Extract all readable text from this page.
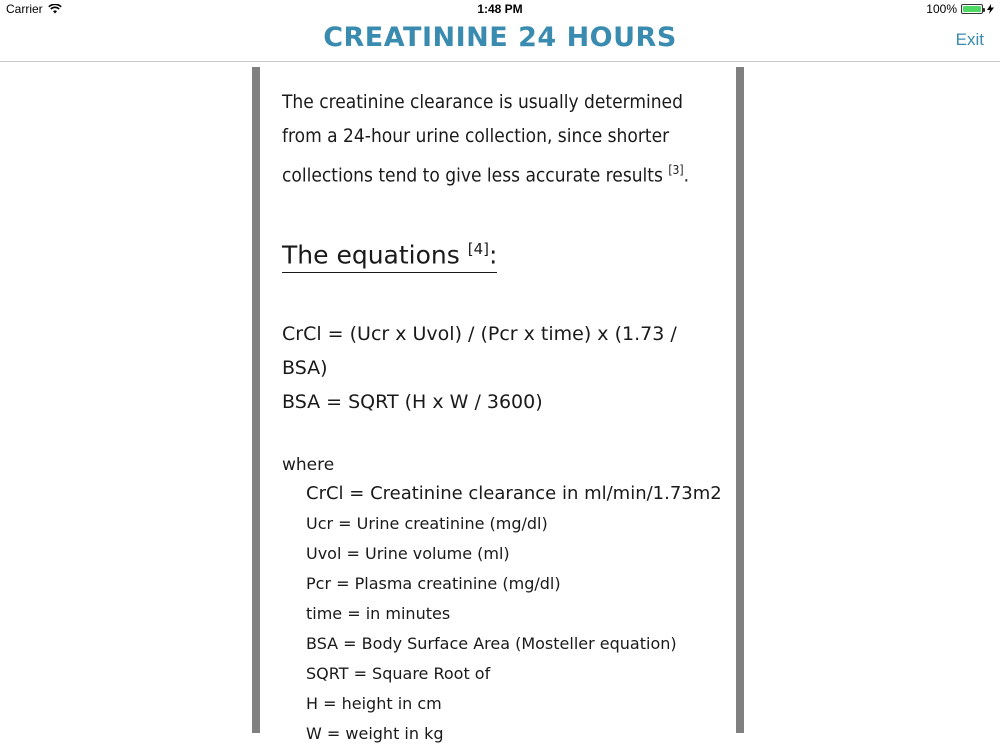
Carrier	1:48 PM	100%
CREATININE 24 HOURS	Exit

The creatinine clearance is usually determined from a 24-hour urine collection, since shorter collections tend to give less accurate results [3].

The equations [4]:
CrCl = (Ucr x Uvol) / (Pcr x time) x (1.73 / BSA)
BSA = SQRT (H x W / 3600)
where
CrCl = Creatinine clearance in ml/min/1.73m2
Ucr = Urine creatinine (mg/dl)
Uvol = Urine volume (ml)
Pcr = Plasma creatinine (mg/dl)
time = in minutes
BSA = Body Surface Area (Mosteller equation)
SQRT = Square Root of
H = height in cm
W = weight in kg
